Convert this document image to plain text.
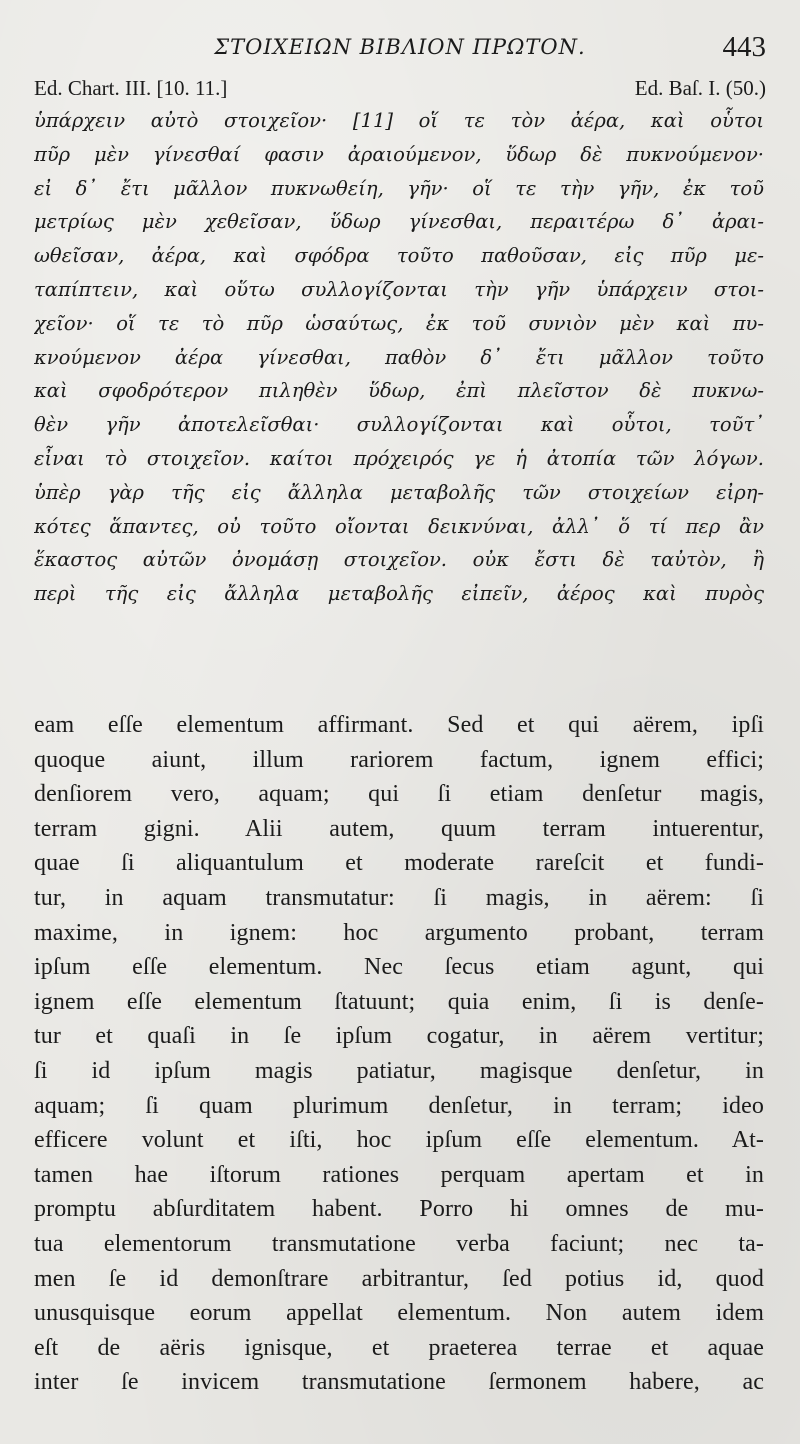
ΣΤΟΙΧΕΙΩΝ ΒΙΒΛΙΟΝ ΠΡΩΤΟΝ.	443
Ed. Chart. III. [10. 11.]	Ed. Baſ. I. (50.)
ὑπάρχειν αὐτὸ στοιχεῖον· [11] οἵ τε τὸν ἀέρα, καὶ οὗτοι
πῦρ μὲν γίνεσθαί φασιν ἀραιούμενον, ὕδωρ δὲ πυκνούμενον·
εἰ δ᾽ ἔτι μᾶλλον πυκνωθείη, γῆν· οἵ τε τὴν γῆν, ἐκ τοῦ
μετρίως μὲν χεθεῖσαν, ὕδωρ γίνεσθαι, περαιτέρω δ᾽ ἀραι-
ωθεῖσαν, ἀέρα, καὶ σφόδρα τοῦτο παθοῦσαν, εἰς πῦρ με-
ταπίπτειν, καὶ οὕτω συλλογίζονται τὴν γῆν ὑπάρχειν στοι-
χεῖον· οἵ τε τὸ πῦρ ὡσαύτως, ἐκ τοῦ συνιὸν μὲν καὶ πυ-
κνούμενον ἀέρα γίνεσθαι, παθὸν δ᾽ ἔτι μᾶλλον τοῦτο
καὶ σφοδρότερον πιληθὲν ὕδωρ, ἐπὶ πλεῖστον δὲ πυκνω-
θὲν γῆν ἀποτελεῖσθαι· συλλογίζονται καὶ οὗτοι, τοῦτ᾽
εἶναι τὸ στοιχεῖον. καίτοι πρόχειρός γε ἡ ἀτοπία τῶν λόγων.
ὑπὲρ γὰρ τῆς εἰς ἄλληλα μεταβολῆς τῶν στοιχείων εἰρη-
κότες ἅπαντες, οὐ τοῦτο οἴονται δεικνύναι, ἀλλ᾽ ὅ τί περ ἂν
ἕκαστος αὐτῶν ὀνομάσῃ στοιχεῖον. οὐκ ἔστι δὲ ταὐτὸν, ἢ
περὶ τῆς εἰς ἄλληλα μεταβολῆς εἰπεῖν, ἀέρος καὶ πυρὸς
eam eſſe elementum affirmant. Sed et qui aërem, ipſi
quoque aiunt, illum rariorem factum, ignem effici;
denſiorem vero, aquam; qui ſi etiam denſetur magis,
terram gigni. Alii autem, quum terram intuerentur,
quae ſi aliquantulum et moderate rareſcit et fundi-
tur, in aquam transmutatur: ſi magis, in aërem: ſi
maxime, in ignem: hoc argumento probant, terram
ipſum eſſe elementum. Nec ſecus etiam agunt, qui
ignem eſſe elementum ſtatuunt; quia enim, ſi is denſe-
tur et quaſi in ſe ipſum cogatur, in aërem vertitur;
ſi id ipſum magis patiatur, magisque denſetur, in
aquam; ſi quam plurimum denſetur, in terram; ideo
efficere volunt et iſti, hoc ipſum eſſe elementum. At-
tamen hae iſtorum rationes perquam apertam et in
promptu abſurditatem habent. Porro hi omnes de mu-
tua elementorum transmutatione verba faciunt; nec ta-
men ſe id demonſtrare arbitrantur, ſed potius id, quod
unusquisque eorum appellat elementum. Non autem idem
eſt de aëris ignisque, et praeterea terrae et aquae
inter ſe invicem transmutatione ſermonem habere, ac
